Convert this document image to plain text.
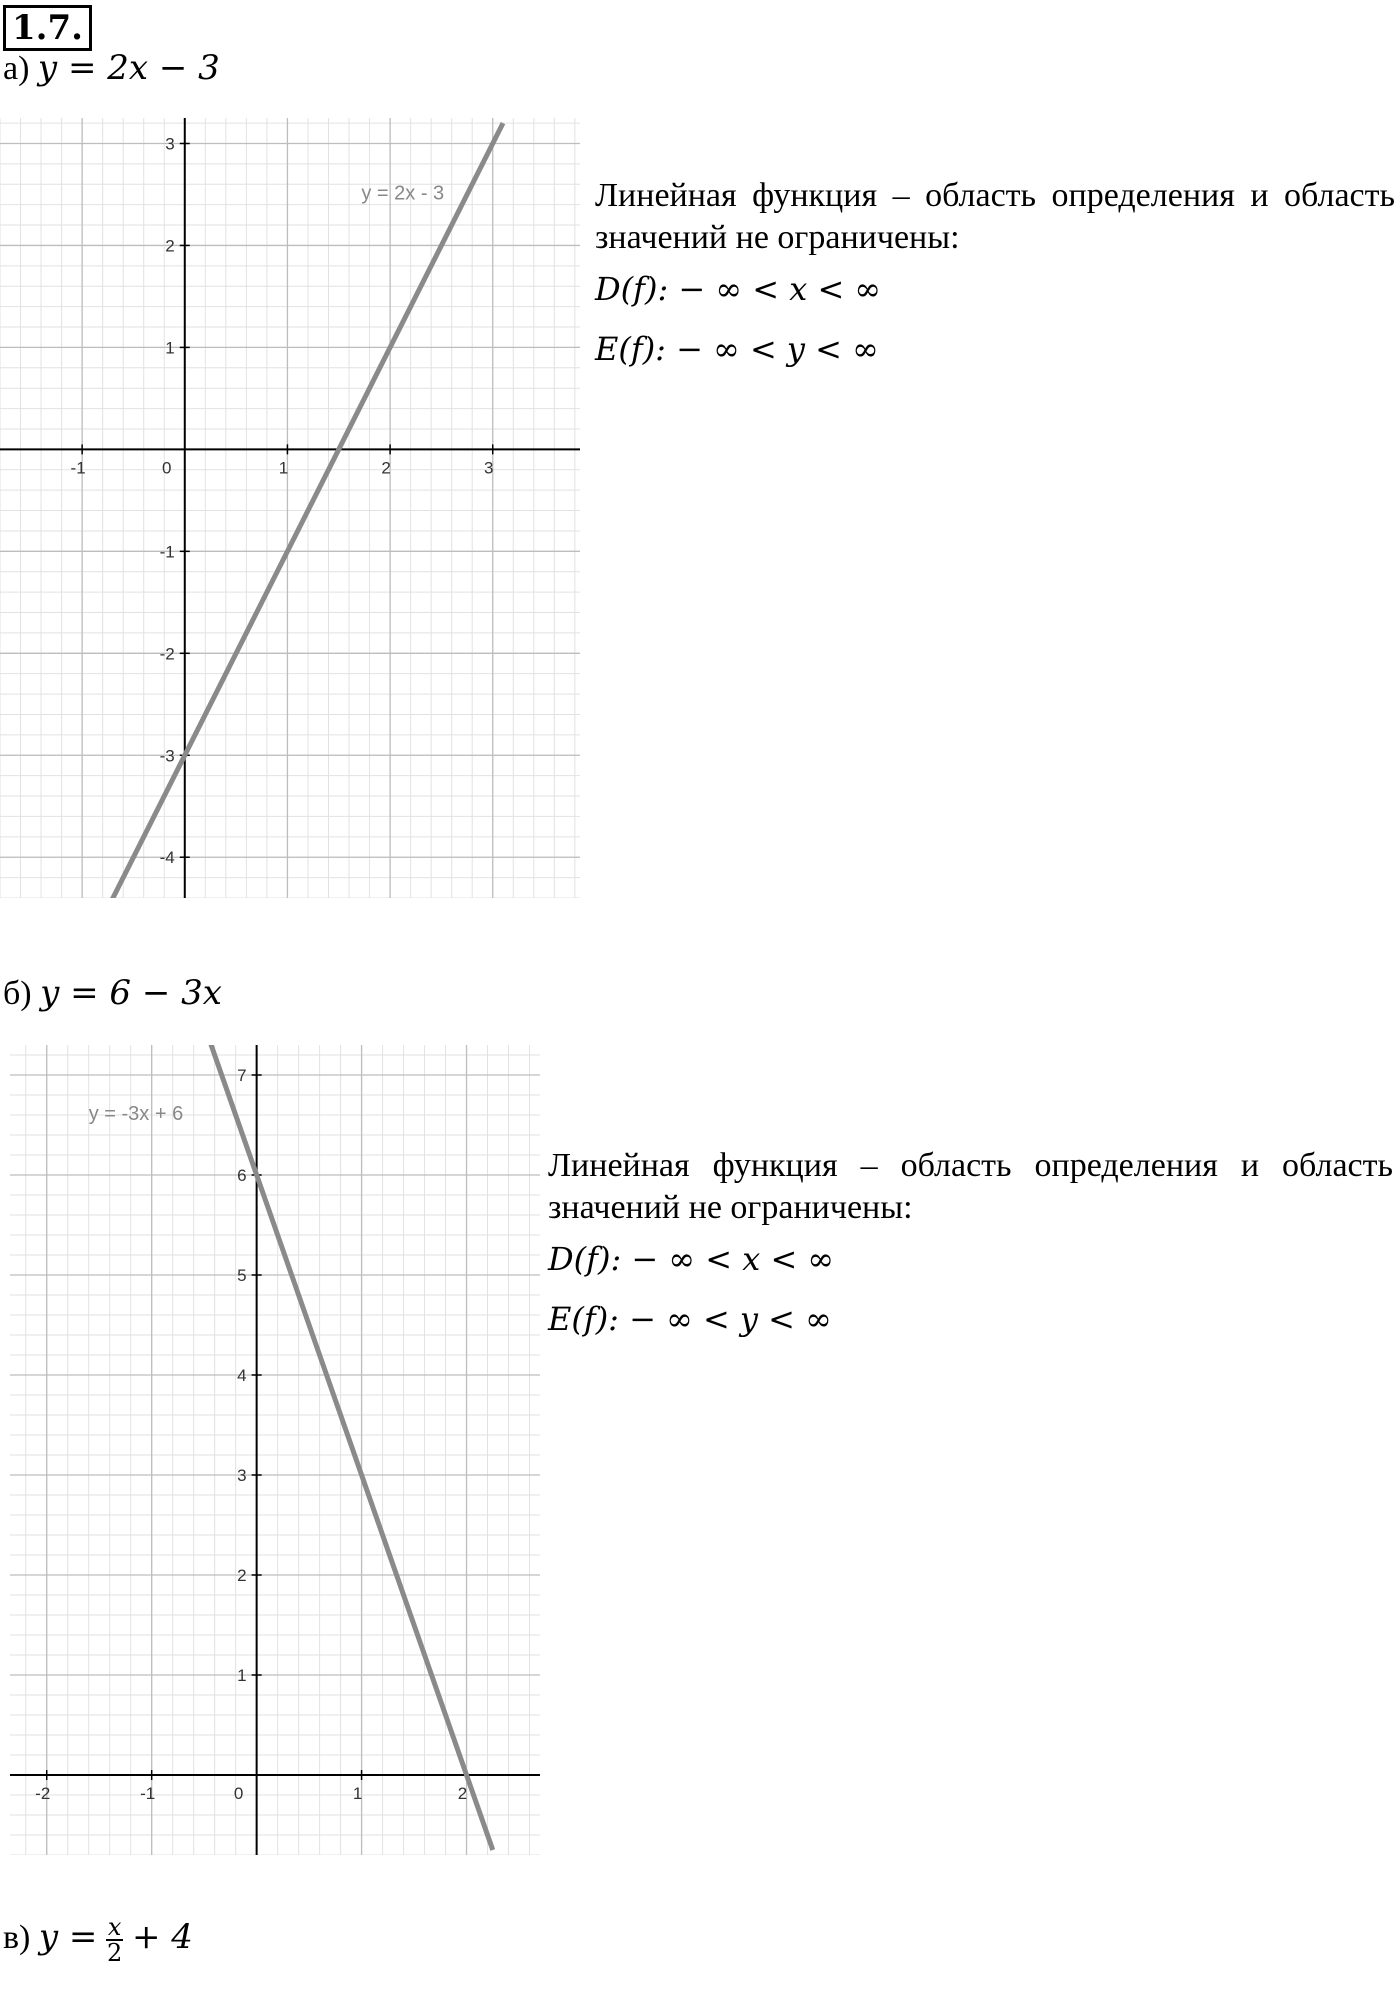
1.7.
а) y = 2x − 3
-1	0	1	2	3
-4
-3
-2
-1
1
2
3
y = 2x - 3	Линейная функция – область определения и область значений не ограничены:
D(f): − ∞ < x < ∞
E(f): − ∞ < y < ∞
б) y = 6 − 3x
-2	-1	0	1	2
1
2
3
4
5
6
7
y = -3x + 6
Линейная функция – область определения и область значений не ограничены:
D(f): − ∞ < x < ∞
E(f): − ∞ < y < ∞
в) $y = \frac{x}{2} + 4$
